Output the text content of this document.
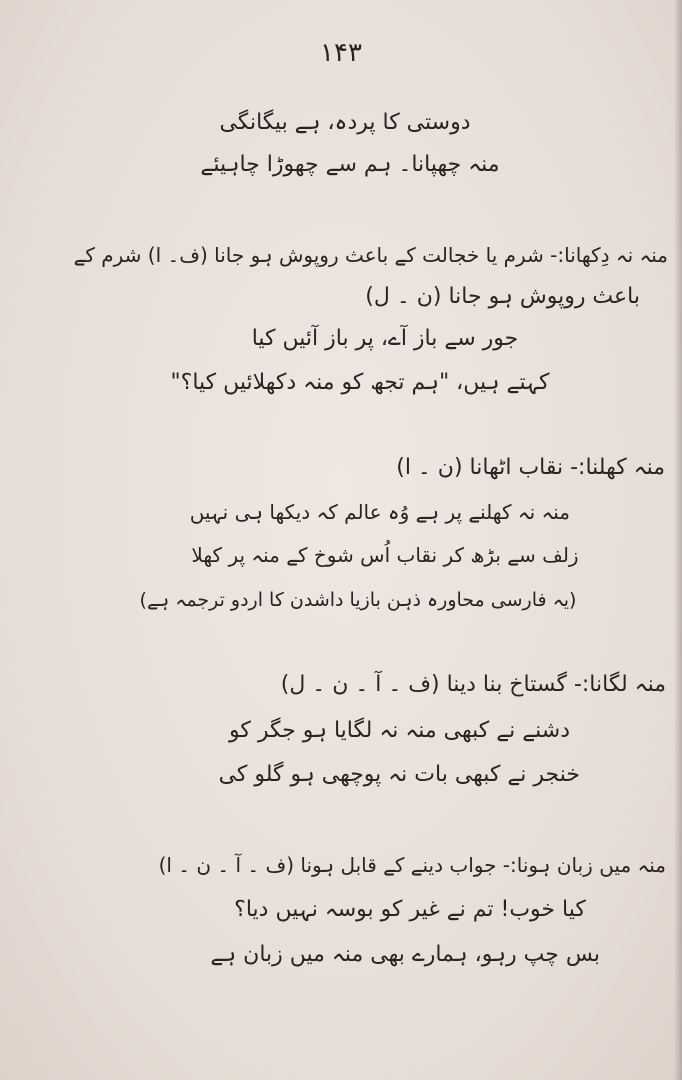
۱۴۳
دوستی کا پردہ، ہے بیگانگی
منہ چھپانا۔ ہم سے چھوڑا چاہیئے
منہ نہ دِکھانا:- شرم یا خجالت کے باعث روپوش ہو جانا (ف۔ ا) شرم کے
باعث روپوش ہو جانا (ن ۔ ل)
جور سے باز آے، پر باز آئیں کیا
کہتے ہیں، "ہم تجھ کو منہ دکھلائیں کیا؟"
منہ کھلنا:- نقاب اٹھانا (ن ۔ ا)
منہ نہ کھلنے پر ہے وُہ عالم کہ دیکھا ہی نہیں
زلف سے بڑھ کر نقاب اُس شوخ کے منہ پر کھلا
(یہ فارسی محاورہ ذہن بازیا داشدن کا اردو ترجمہ ہے)
منہ لگانا:- گستاخ بنا دینا (ف ۔ آ ۔ ن ۔ ل)
دشنے نے کبھی منہ نہ لگایا ہو جگر کو
خنجر نے کبھی بات نہ پوچھی ہو گلو کی
منہ میں زبان ہونا:- جواب دینے کے قابل ہونا (ف ۔ آ ۔ ن ۔ ا)
کیا خوب! تم نے غیر کو بوسہ نہیں دیا؟
بس چپ رہو، ہمارے بھی منہ میں زبان ہے
